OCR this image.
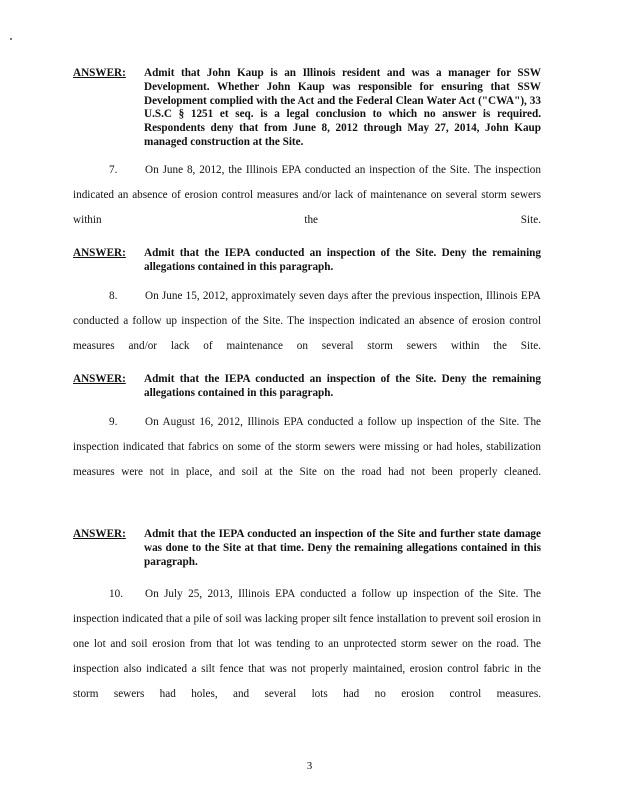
ANSWER: Admit that John Kaup is an Illinois resident and was a manager for SSW Development. Whether John Kaup was responsible for ensuring that SSW Development complied with the Act and the Federal Clean Water Act ("CWA"), 33 U.S.C § 1251 et seq. is a legal conclusion to which no answer is required. Respondents deny that from June 8, 2012 through May 27, 2014, John Kaup managed construction at the Site.
7. On June 8, 2012, the Illinois EPA conducted an inspection of the Site. The inspection indicated an absence of erosion control measures and/or lack of maintenance on several storm sewers within the Site.
ANSWER: Admit that the IEPA conducted an inspection of the Site. Deny the remaining allegations contained in this paragraph.
8. On June 15, 2012, approximately seven days after the previous inspection, Illinois EPA conducted a follow up inspection of the Site. The inspection indicated an absence of erosion control measures and/or lack of maintenance on several storm sewers within the Site.
ANSWER: Admit that the IEPA conducted an inspection of the Site. Deny the remaining allegations contained in this paragraph.
9. On August 16, 2012, Illinois EPA conducted a follow up inspection of the Site. The inspection indicated that fabrics on some of the storm sewers were missing or had holes, stabilization measures were not in place, and soil at the Site on the road had not been properly cleaned.
ANSWER: Admit that the IEPA conducted an inspection of the Site and further state damage was done to the Site at that time. Deny the remaining allegations contained in this paragraph.
10. On July 25, 2013, Illinois EPA conducted a follow up inspection of the Site. The inspection indicated that a pile of soil was lacking proper silt fence installation to prevent soil erosion in one lot and soil erosion from that lot was tending to an unprotected storm sewer on the road. The inspection also indicated a silt fence that was not properly maintained, erosion control fabric in the storm sewers had holes, and several lots had no erosion control measures.
3
